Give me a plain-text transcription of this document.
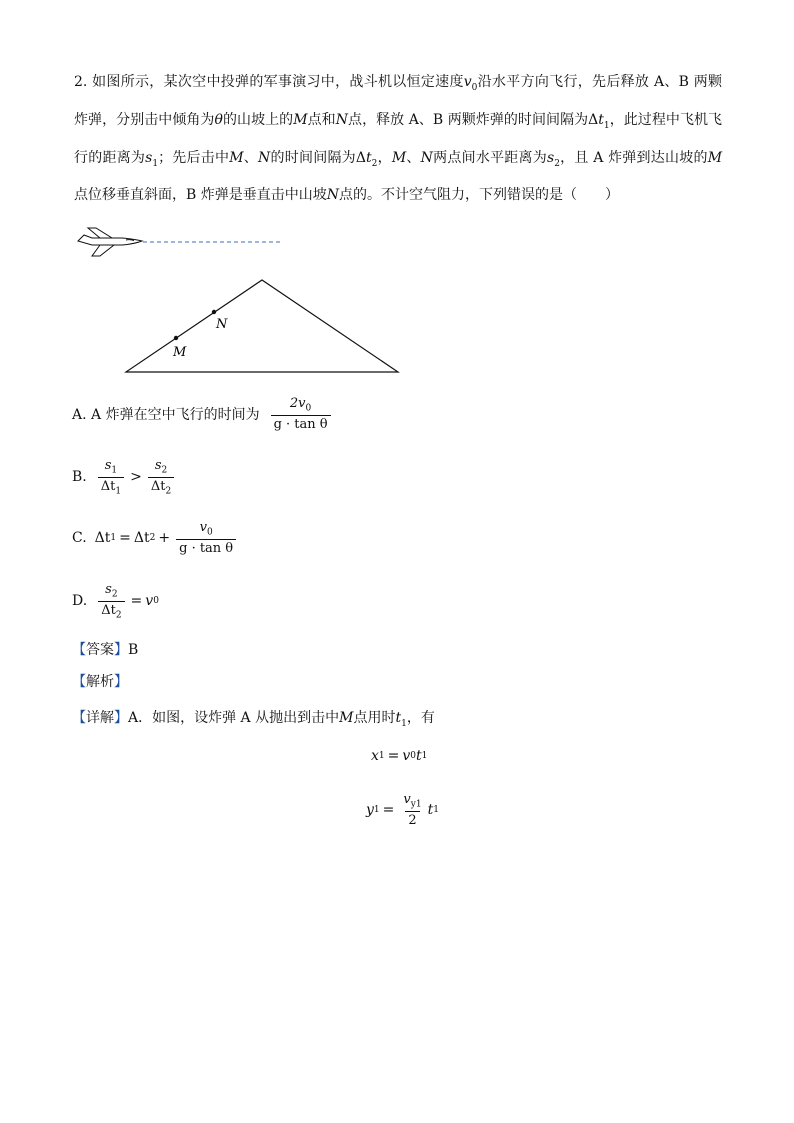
2. 如图所示，某次空中投弹的军事演习中，战斗机以恒定速度$v_0$沿水平方向飞行，先后释放 A、B 两颗炸弹，分别击中倾角为θ的山坡上的M点和N点，释放 A、B 两颗炸弹的时间间隔为$\Delta t_1$，此过程中飞机飞行的距离为$s_1$；先后击中M、N的时间间隔为$\Delta t_2$，M、N两点间水平距离为$s_2$，且 A 炸弹到达山坡的M点位移垂直斜面，B 炸弹是垂直击中山坡N点的。不计空气阻力，下列错误的是（　　）
M
N
A. A 炸弹在空中飞行的时间为 $\frac{2v_0}{\text{g · tan θ}}$
B. $\frac{s_1}{\Delta t_1} > \frac{s_2}{\Delta t_2}$
C. Δt 1 = Δt $2 + \frac{v_0}{\text{g · tan θ}}$
D. $\frac{s_2}{\Delta t_2} = v$ 0
【答案】B
【解析】
【详解】A．如图，设炸弹 A 从抛出到击中M点用时$t_1$，有
x 1 = v 0 t 1
y $1 = \frac{v_{y1}}{2}$ t 1
